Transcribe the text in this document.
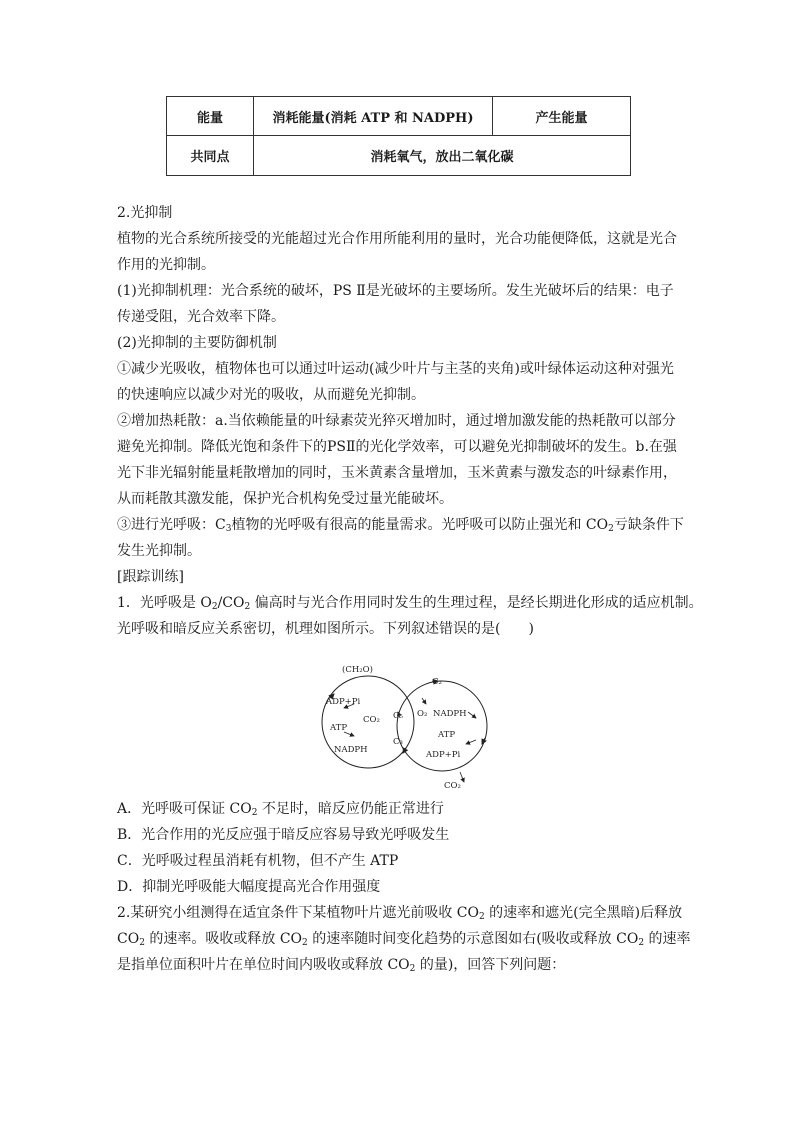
能量	消耗能量(消耗 ATP 和 NADPH)	产生能量
共同点	消耗氧气，放出二氧化碳	
2.光抑制
植物的光合系统所接受的光能超过光合作用所能利用的量时，光合功能便降低，这就是光合
作用的光抑制。
(1)光抑制机理：光合系统的破坏，PS Ⅱ是光破坏的主要场所。发生光破坏后的结果：电子
传递受阻，光合效率下降。
(2)光抑制的主要防御机制
①减少光吸收，植物体也可以通过叶运动(减少叶片与主茎的夹角)或叶绿体运动这种对强光
的快速响应以减少对光的吸收，从而避免光抑制。
②增加热耗散：a.当依赖能量的叶绿素荧光猝灭增加时，通过增加激发能的热耗散可以部分
避免光抑制。降低光饱和条件下的PSⅡ的光化学效率，可以避免光抑制破坏的发生。b.在强
光下非光辐射能量耗散增加的同时，玉米黄素含量增加，玉米黄素与激发态的叶绿素作用，
从而耗散其激发能，保护光合机构免受过量光能破坏。
③进行光呼吸：$C_3$植物的光呼吸有很高的能量需求。光呼吸可以防止强光和 $CO_2$亏缺条件下
发生光抑制。
[跟踪训练]
1．光呼吸是 $O_2/CO_2$ 偏高时与光合作用同时发生的生理过程，是经长期进化形成的适应机制。
光呼吸和暗反应关系密切，机理如图所示。下列叙述错误的是(　　)
(CH₂O)
ADP+Pi
ATP
NADPH
CO₂ C₅
C₃
C₂
O₂ NADPH
ATP
ADP+Pi
CO₂
A．光呼吸可保证 $CO_2$ 不足时，暗反应仍能正常进行
B．光合作用的光反应强于暗反应容易导致光呼吸发生
C．光呼吸过程虽消耗有机物，但不产生 ATP
D．抑制光呼吸能大幅度提高光合作用强度
2.某研究小组测得在适宜条件下某植物叶片遮光前吸收 $CO_2$ 的速率和遮光(完全黑暗)后释放
$CO_2$ 的速率。吸收或释放 $CO_2$ 的速率随时间变化趋势的示意图如右(吸收或释放 $CO_2$ 的速率
是指单位面积叶片在单位时间内吸收或释放 $CO_2$ 的量)，回答下列问题：
